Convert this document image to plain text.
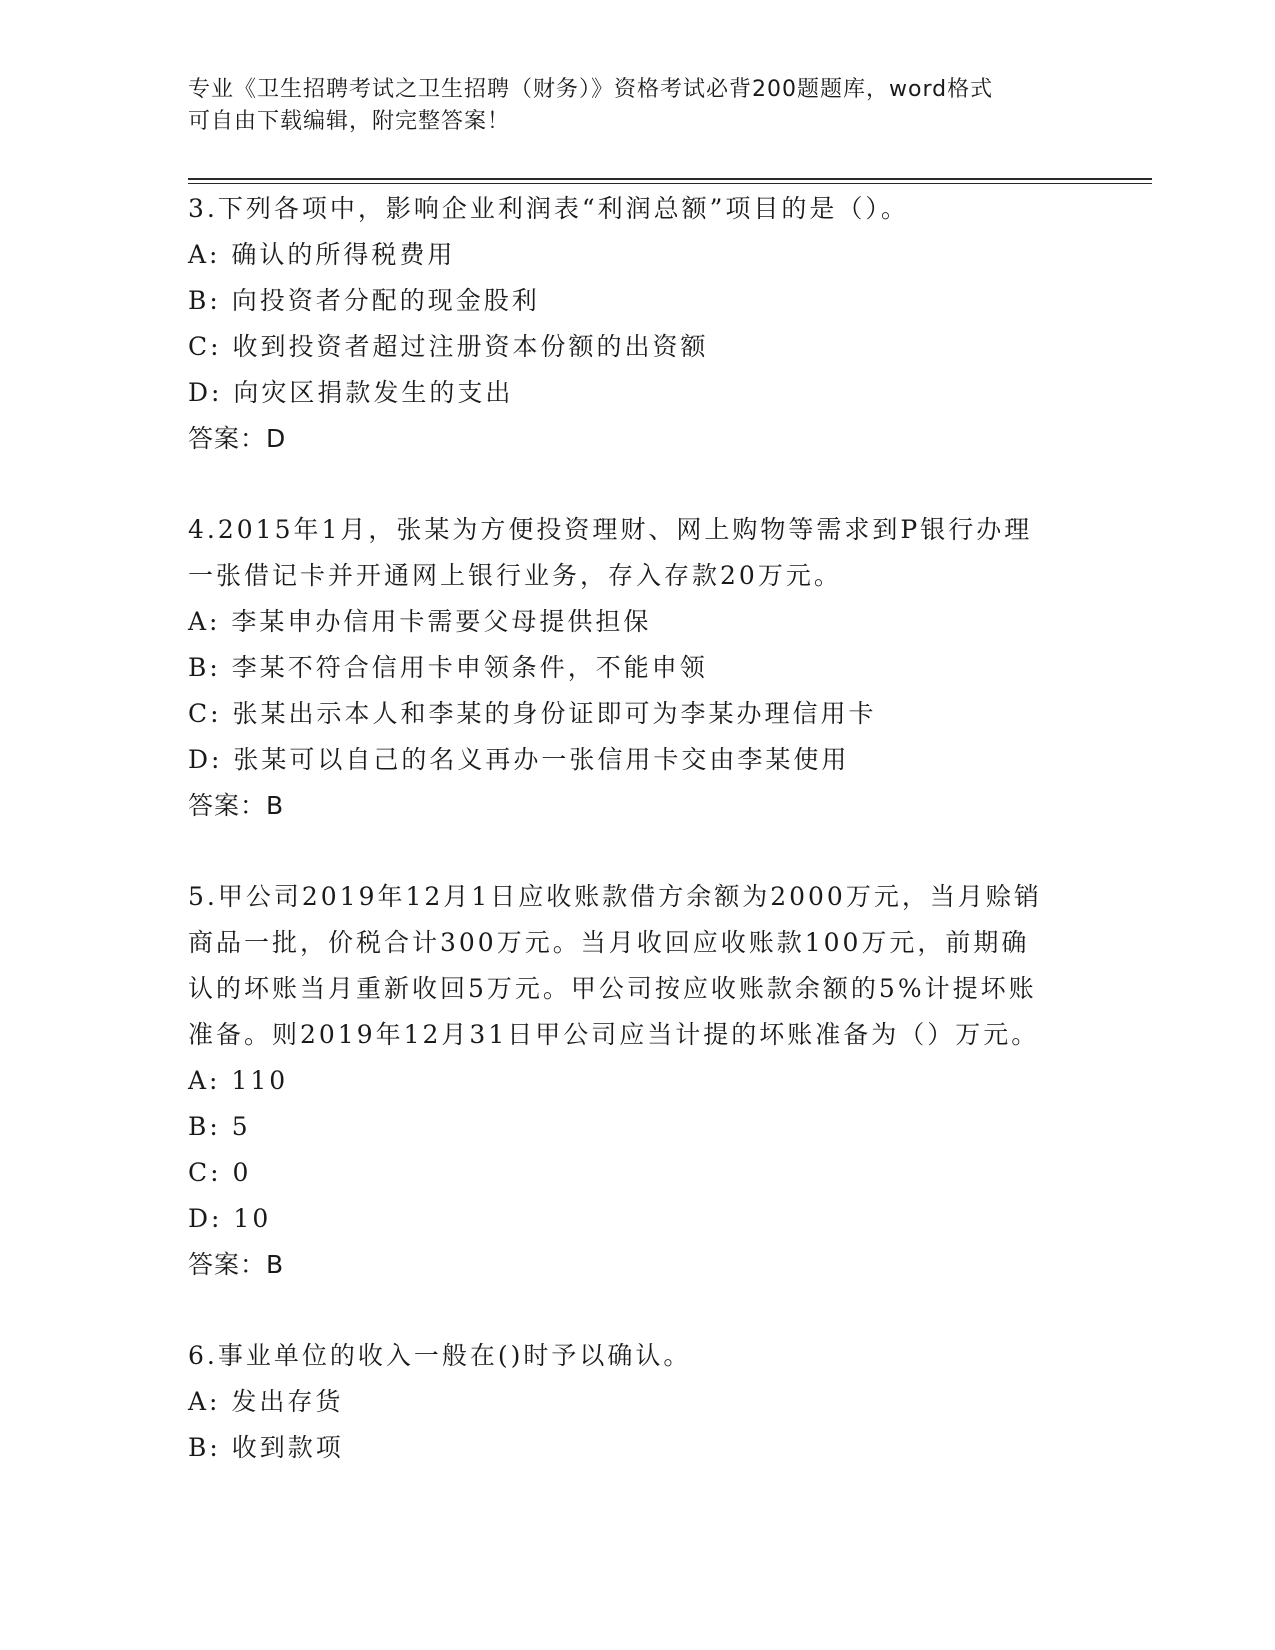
专业《卫生招聘考试之卫生招聘（财务）》资格考试必背200题题库，word格式

可自由下载编辑，附完整答案！

3.下列各项中，影响企业利润表“利润总额”项目的是（）。
A: 确认的所得税费用
B: 向投资者分配的现金股利
C: 收到投资者超过注册资本份额的出资额
D: 向灾区捐款发生的支出
答案：D
4.2015年1月，张某为方便投资理财、网上购物等需求到P银行办理
一张借记卡并开通网上银行业务，存入存款20万元。
A: 李某申办信用卡需要父母提供担保
B: 李某不符合信用卡申领条件，不能申领
C: 张某出示本人和李某的身份证即可为李某办理信用卡
D: 张某可以自己的名义再办一张信用卡交由李某使用
答案：B
5.甲公司2019年12月1日应收账款借方余额为2000万元，当月赊销
商品一批，价税合计300万元。当月收回应收账款100万元，前期确
认的坏账当月重新收回5万元。甲公司按应收账款余额的5%计提坏账
准备。则2019年12月31日甲公司应当计提的坏账准备为（）万元。
A: 110
B: 5
C: 0
D: 10
答案：B
6.事业单位的收入一般在()时予以确认。
A: 发出存货
B: 收到款项
